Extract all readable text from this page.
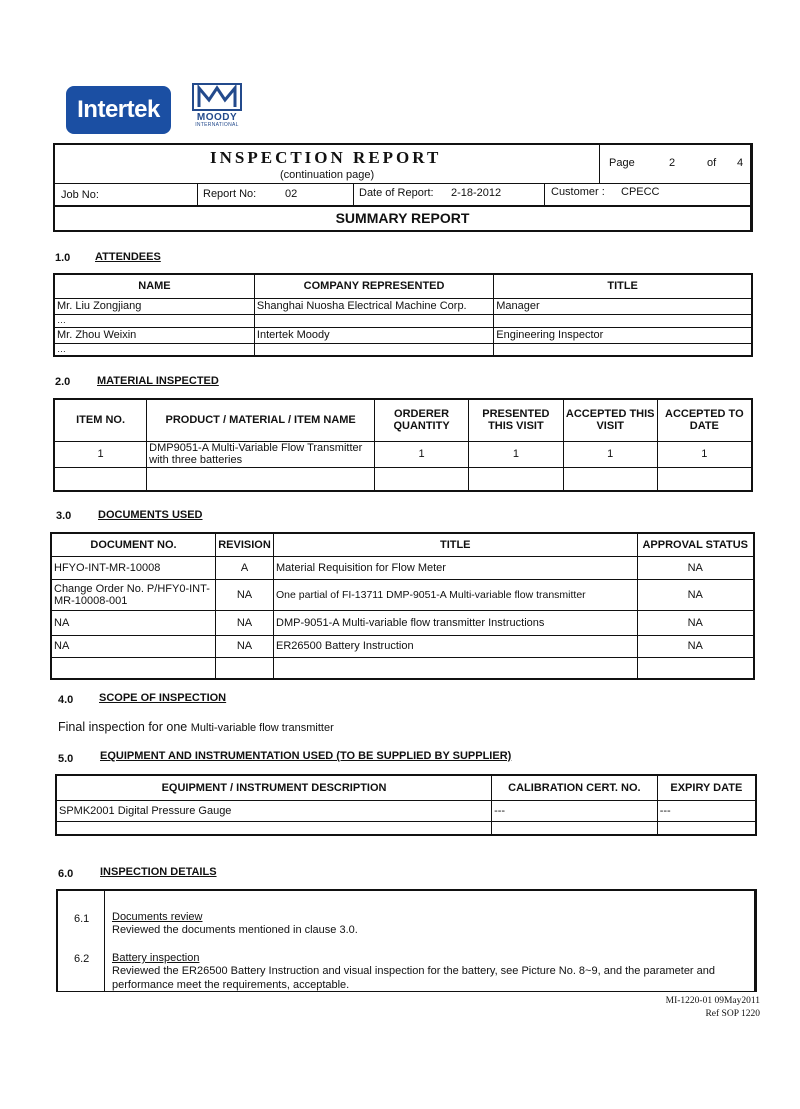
Intertek	MOODY
INTERNATIONAL
INSPECTION REPORT
(continuation page)
Page	2	of 4
Job No:	Report No:	02	Date of Report: 2-18-2012	Customer : CPECC
SUMMARY REPORT
1.0 ATTENDEES
NAME	COMPANY REPRESENTED	TITLE
Mr. Liu Zongjiang	Shanghai Nuosha Electrical Machine Corp.	Manager
…		
Mr. Zhou Weixin	Intertek Moody	Engineering Inspector
…		
2.0 MATERIAL INSPECTED
ITEM NO.	PRODUCT / MATERIAL / ITEM NAME	ORDERER QUANTITY	PRESENTED THIS VISIT	ACCEPTED THIS VISIT	ACCEPTED TO DATE
1	DMP9051-A Multi-Variable Flow Transmitter with three batteries	1	1	1	1

3.0 DOCUMENTS USED
DOCUMENT NO.	REVISION	TITLE	APPROVAL STATUS
HFYO-INT-MR-10008	A	Material Requisition for Flow Meter	NA
Change Order No. P/HFY0-INT-MR-10008-001	NA	One partial of FI-13711 DMP-9051-A Multi-variable flow transmitter	NA
NA	NA	DMP-9051-A Multi-variable flow transmitter Instructions	NA
NA	NA	ER26500 Battery Instruction	NA

4.0 SCOPE OF INSPECTION
Final inspection for one Multi-variable flow transmitter
5.0 EQUIPMENT AND INSTRUMENTATION USED (TO BE SUPPLIED BY SUPPLIER)
EQUIPMENT / INSTRUMENT DESCRIPTION	CALIBRATION CERT. NO.	EXPIRY DATE
SPMK2001 Digital Pressure Gauge	---	---

6.0 INSPECTION DETAILS
6.1 Documents review
Reviewed the documents mentioned in clause 3.0.
6.2 Battery inspection
Reviewed the ER26500 Battery Instruction and visual inspection for the battery, see Picture No. 8~9, and the parameter and performance meet the requirements, acceptable.
MI-1220-01 09May2011
Ref SOP 1220
